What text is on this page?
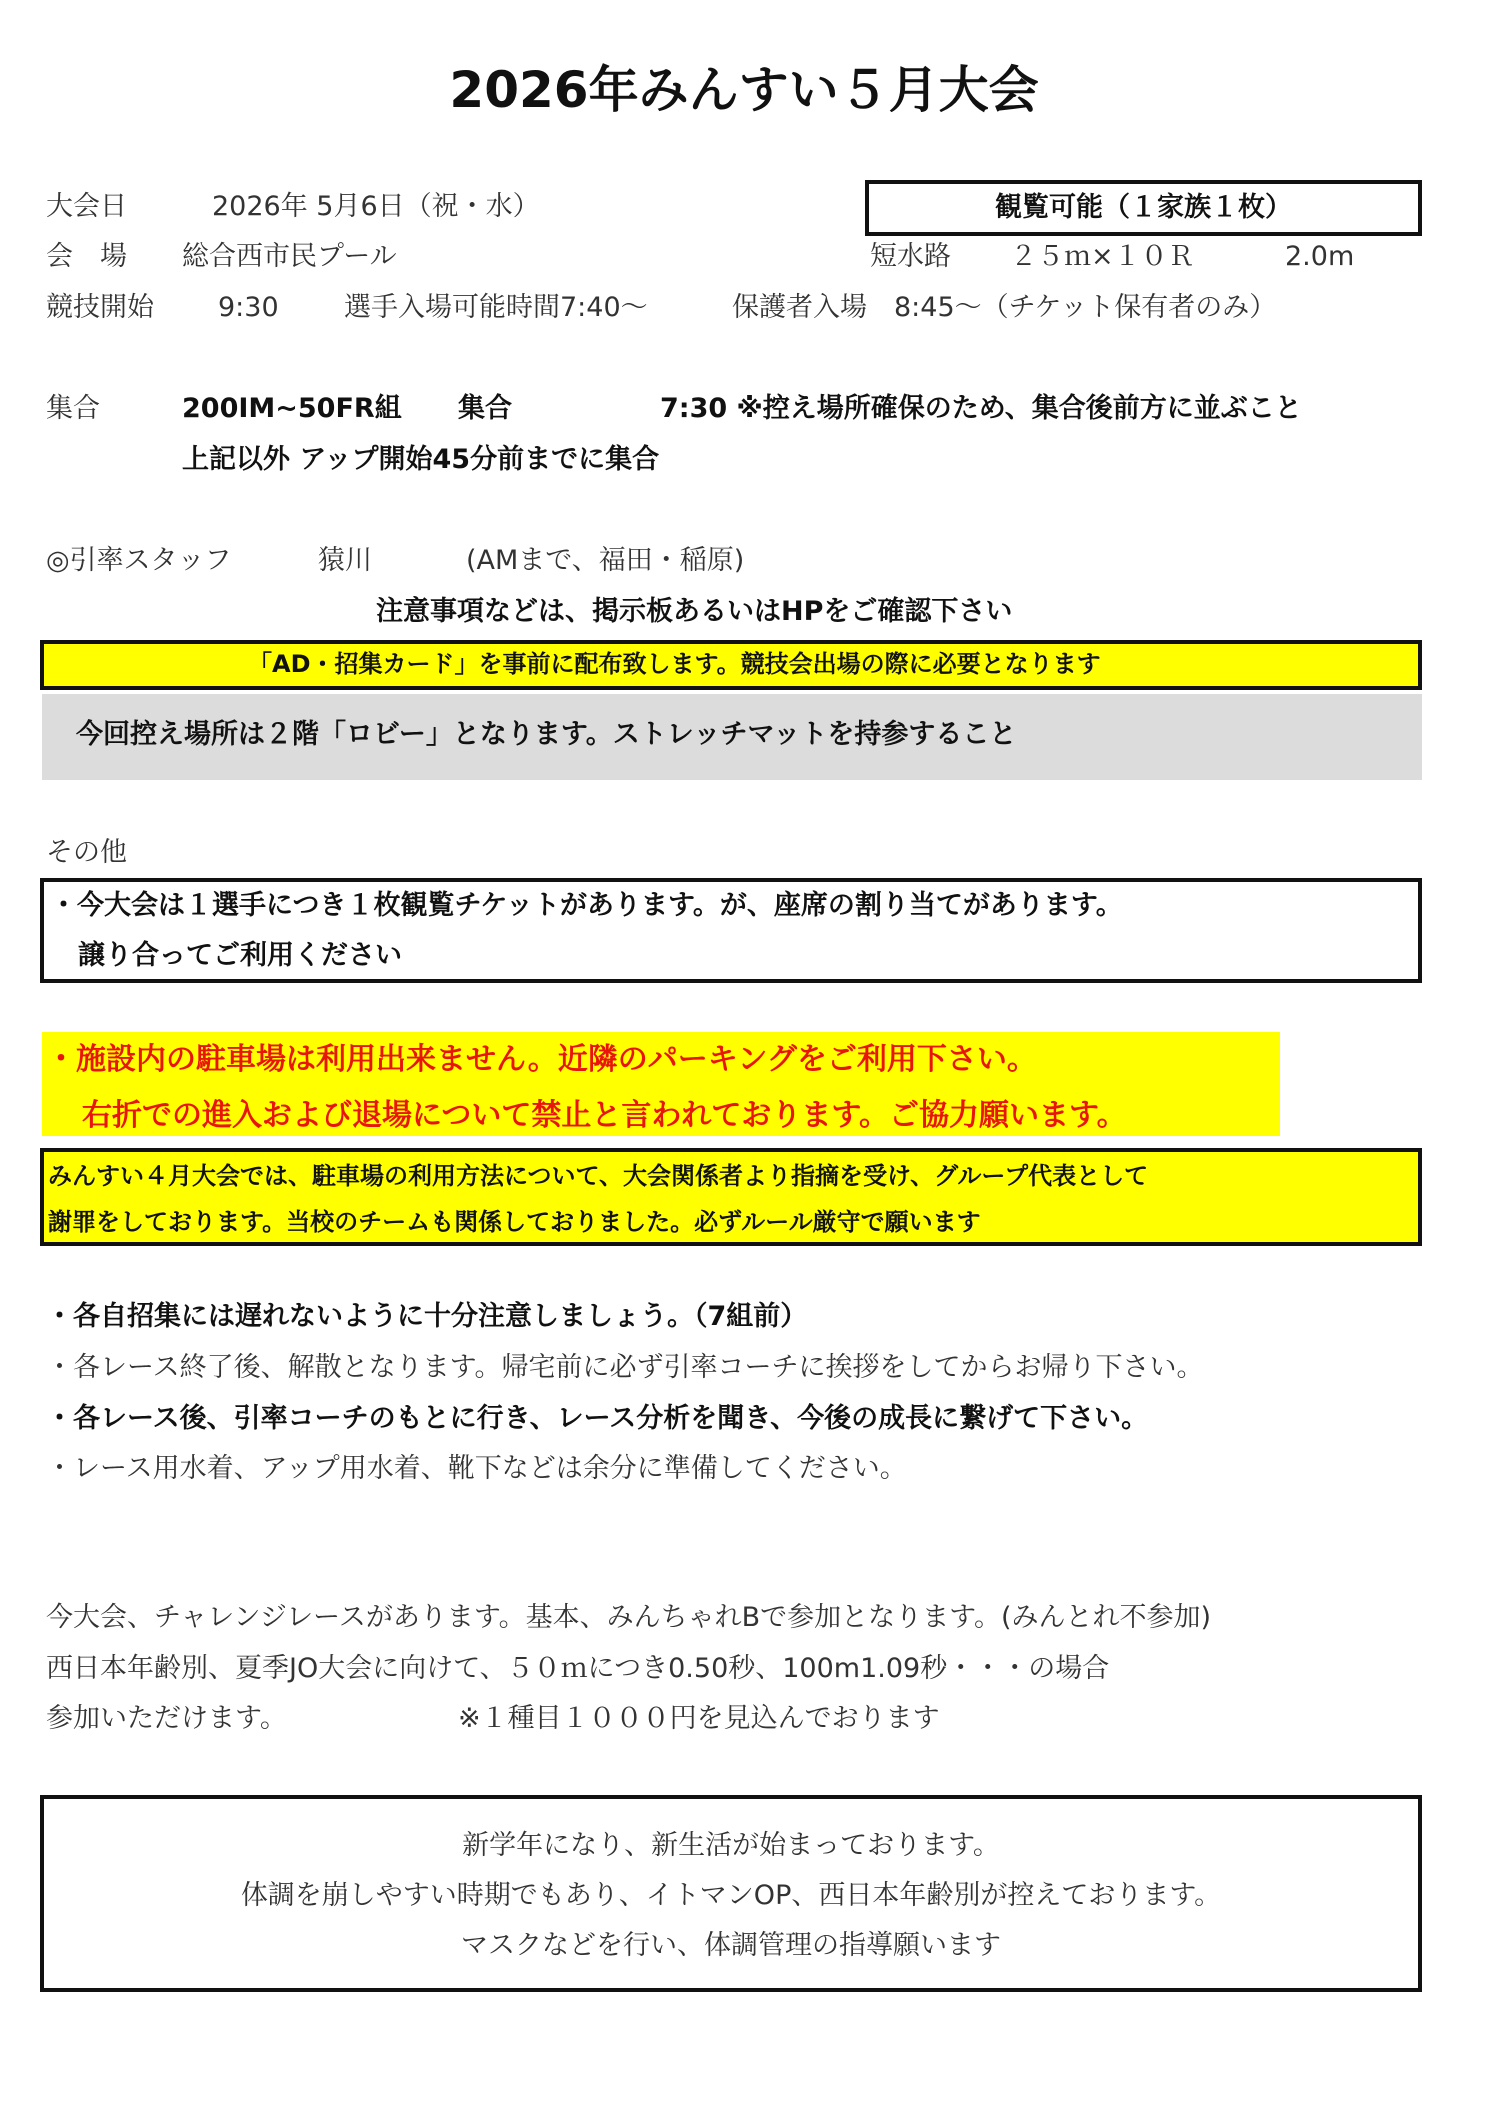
2026年みんすい５月大会
大会日	2026年 5月6日（祝・水）	観覧可能（１家族１枚）
会　場 総合西市民プール	短水路 ２５ｍ×１０Ｒ	2.0m
競技開始 9:30 選手入場可能時間7:40〜	保護者入場　8:45〜（チケット保有者のみ）
集合	200IM~50FR組 集合	7:30 ※控え場所確保のため、集合後前方に並ぶこと
上記以外 アップ開始45分前までに集合
◎引率スタッフ	猿川	(AMまで、福田・稲原)
注意事項などは、掲示板あるいはHPをご確認下さい
「AD・招集カード」を事前に配布致します。競技会出場の際に必要となります
今回控え場所は２階「ロビー」となります。ストレッチマットを持参すること
その他
・今大会は１選手につき１枚観覧チケットがあります。が、座席の割り当てがあります。
譲り合ってご利用ください
・施設内の駐車場は利用出来ません。近隣のパーキングをご利用下さい。
右折での進入および退場について禁止と言われております。ご協力願います。
みんすい４月大会では、駐車場の利用方法について、大会関係者より指摘を受け、グループ代表として
謝罪をしております。当校のチームも関係しておりました。必ずルール厳守で願います
・各自招集には遅れないように十分注意しましょう。（7組前）
・各レース終了後、解散となります。帰宅前に必ず引率コーチに挨拶をしてからお帰り下さい。
・各レース後、引率コーチのもとに行き、レース分析を聞き、今後の成長に繋げて下さい。
・レース用水着、アップ用水着、靴下などは余分に準備してください。
今大会、チャレンジレースがあります。基本、みんちゃれBで参加となります。(みんとれ不参加)
西日本年齢別、夏季JO大会に向けて、５０ｍにつき0.50秒、100m1.09秒・・・の場合
参加いただけます。	※１種目１０００円を見込んでおります
新学年になり、新生活が始まっております。
体調を崩しやすい時期でもあり、イトマンOP、西日本年齢別が控えております。
マスクなどを行い、体調管理の指導願います
